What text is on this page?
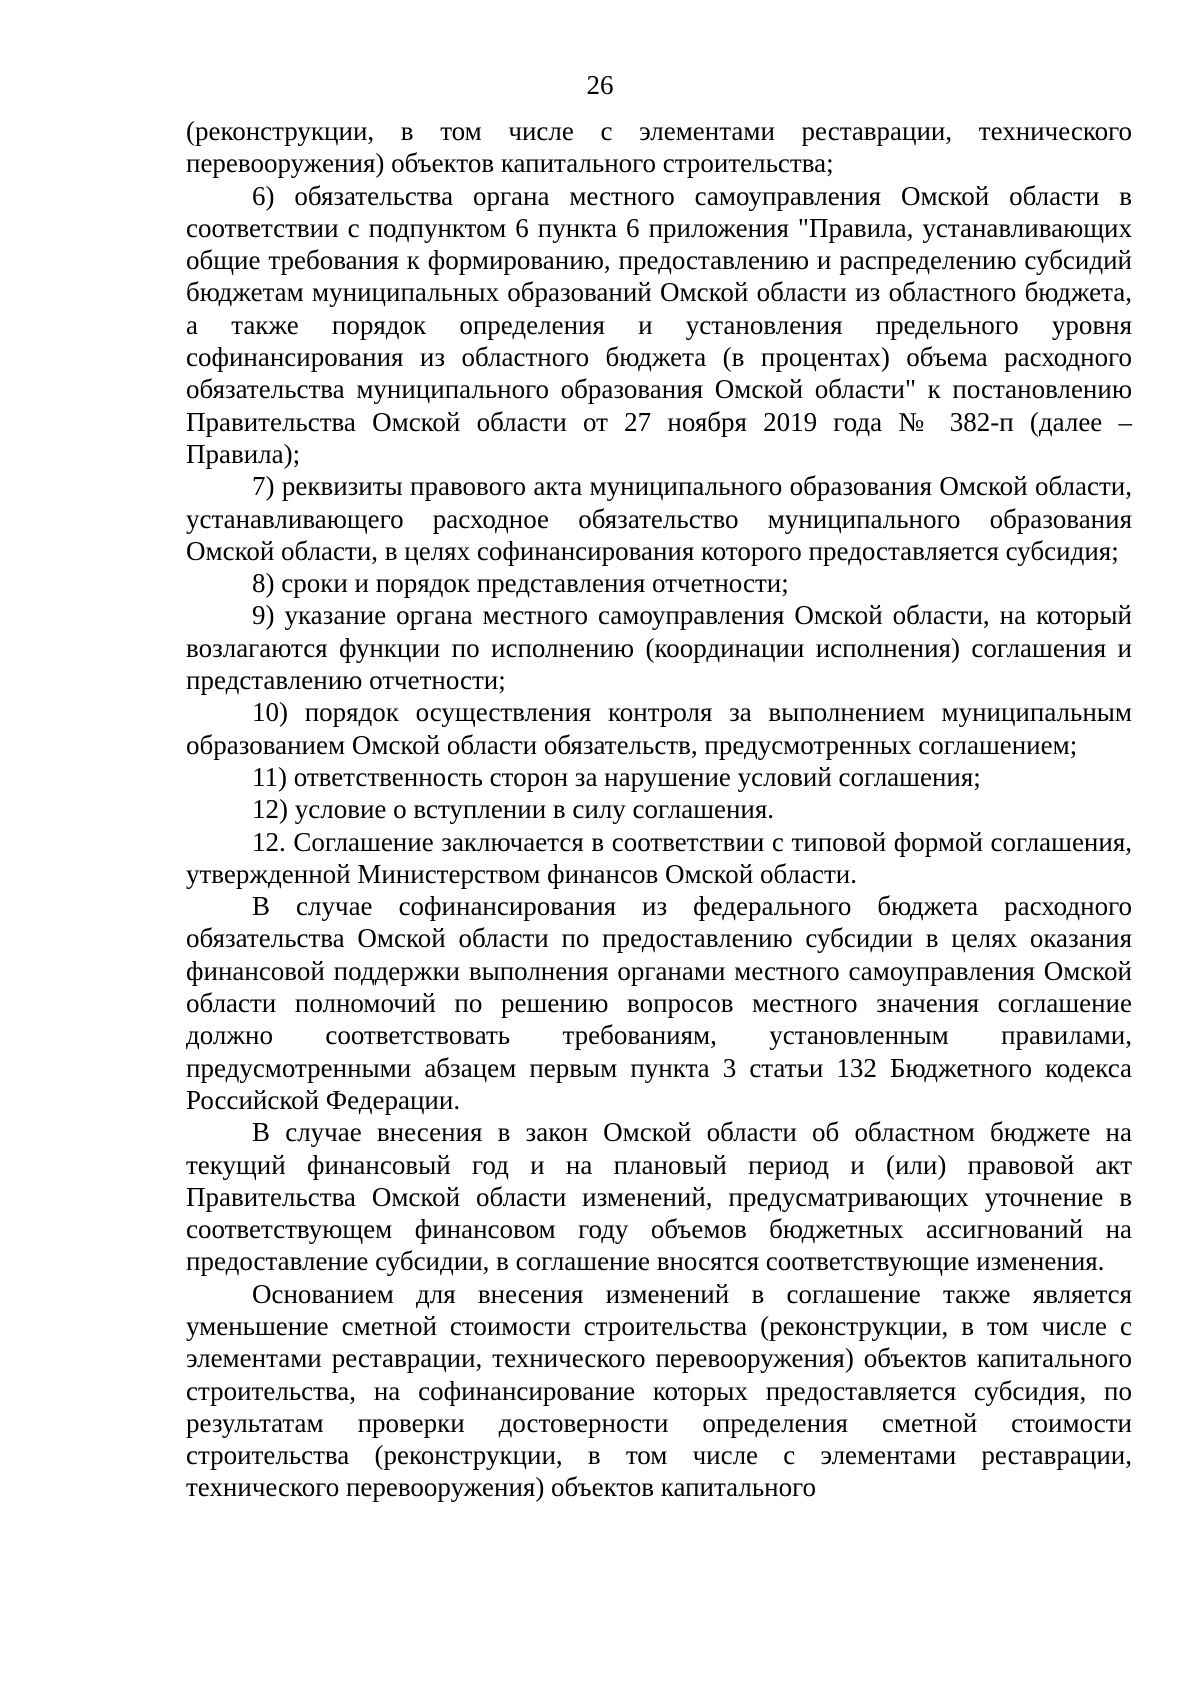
26

(реконструкции, в том числе с элементами реставрации, технического перевооружения) объектов капитального строительства;

6) обязательства органа местного самоуправления Омской области в соответствии с подпунктом 6 пункта 6 приложения "Правила, устанавливающих общие требования к формированию, предоставлению и распределению субсидий бюджетам муниципальных образований Омской области из областного бюджета, а также порядок определения и установления предельного уровня софинансирования из областного бюджета (в процентах) объема расходного обязательства муниципального образования Омской области" к постановлению Правительства Омской области от 27 ноября 2019 года № 382-п (далее – Правила);

7) реквизиты правового акта муниципального образования Омской области, устанавливающего расходное обязательство муниципального образования Омской области, в целях софинансирования которого предоставляется субсидия;

8) сроки и порядок представления отчетности;

9) указание органа местного самоуправления Омской области, на который возлагаются функции по исполнению (координации исполнения) соглашения и представлению отчетности;

10) порядок осуществления контроля за выполнением муниципальным образованием Омской области обязательств, предусмотренных соглашением;

11) ответственность сторон за нарушение условий соглашения;

12) условие о вступлении в силу соглашения.

12. Соглашение заключается в соответствии с типовой формой соглашения, утвержденной Министерством финансов Омской области.

В случае софинансирования из федерального бюджета расходного обязательства Омской области по предоставлению субсидии в целях оказания финансовой поддержки выполнения органами местного самоуправления Омской области полномочий по решению вопросов местного значения соглашение должно соответствовать требованиям, установленным правилами, предусмотренными абзацем первым пункта 3 статьи 132 Бюджетного кодекса Российской Федерации.

В случае внесения в закон Омской области об областном бюджете на текущий финансовый год и на плановый период и (или) правовой акт Правительства Омской области изменений, предусматривающих уточнение в соответствующем финансовом году объемов бюджетных ассигнований на предоставление субсидии, в соглашение вносятся соответствующие изменения.

Основанием для внесения изменений в соглашение также является уменьшение сметной стоимости строительства (реконструкции, в том числе с элементами реставрации, технического перевооружения) объектов капитального строительства, на софинансирование которых предоставляется субсидия, по результатам проверки достоверности определения сметной стоимости строительства (реконструкции, в том числе с элементами реставрации, технического перевооружения) объектов капитального
